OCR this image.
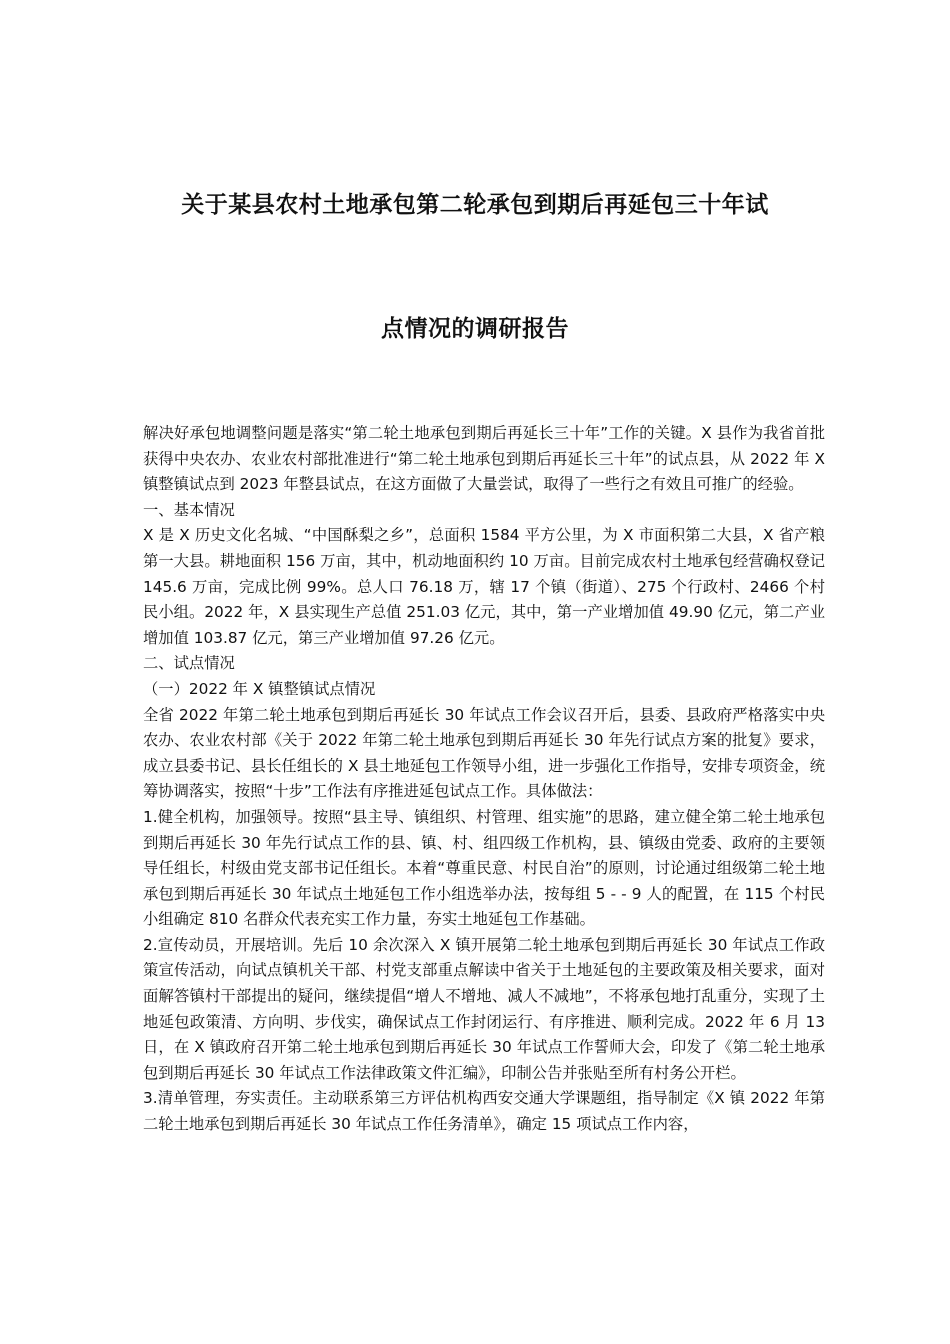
关于某县农村土地承包第二轮承包到期后再延包三十年试
点情况的调研报告

解决好承包地调整问题是落实“第二轮土地承包到期后再延长三十年”工作的关键。X 县作为我省首批获得中央农办、农业农村部批准进行“第二轮土地承包到期后再延长三十年”的试点县，从 2022 年 X 镇整镇试点到 2023 年整县试点，在这方面做了大量尝试，取得了一些行之有效且可推广的经验。

一、基本情况

X 是 X 历史文化名城、“中国酥梨之乡”，总面积 1584 平方公里，为 X 市面积第二大县，X 省产粮第一大县。耕地面积 156 万亩，其中，机动地面积约 10 万亩。目前完成农村土地承包经营确权登记 145.6 万亩，完成比例 99%。总人口 76.18 万，辖 17 个镇（街道）、275 个行政村、2466 个村民小组。2022 年，X 县实现生产总值 251.03 亿元，其中，第一产业增加值 49.90 亿元，第二产业增加值 103.87 亿元，第三产业增加值 97.26 亿元。

二、试点情况

（一）2022 年 X 镇整镇试点情况

全省 2022 年第二轮土地承包到期后再延长 30 年试点工作会议召开后，县委、县政府严格落实中央农办、农业农村部《关于 2022 年第二轮土地承包到期后再延长 30 年先行试点方案的批复》要求，成立县委书记、县长任组长的 X 县土地延包工作领导小组，进一步强化工作指导，安排专项资金，统筹协调落实，按照“十步”工作法有序推进延包试点工作。具体做法：

1.健全机构，加强领导。按照“县主导、镇组织、村管理、组实施”的思路，建立健全第二轮土地承包到期后再延长 30 年先行试点工作的县、镇、村、组四级工作机构，县、镇级由党委、政府的主要领导任组长，村级由党支部书记任组长。本着“尊重民意、村民自治”的原则，讨论通过组级第二轮土地承包到期后再延长 30 年试点土地延包工作小组选举办法，按每组 5 - - 9 人的配置，在 115 个村民小组确定 810 名群众代表充实工作力量，夯实土地延包工作基础。

2.宣传动员，开展培训。先后 10 余次深入 X 镇开展第二轮土地承包到期后再延长 30 年试点工作政策宣传活动，向试点镇机关干部、村党支部重点解读中省关于土地延包的主要政策及相关要求，面对面解答镇村干部提出的疑问，继续提倡“增人不增地、减人不减地”，不将承包地打乱重分，实现了土地延包政策清、方向明、步伐实，确保试点工作封闭运行、有序推进、顺利完成。2022 年 6 月 13 日，在 X 镇政府召开第二轮土地承包到期后再延长 30 年试点工作誓师大会，印发了《第二轮土地承包到期后再延长 30 年试点工作法律政策文件汇编》，印制公告并张贴至所有村务公开栏。

3.清单管理，夯实责任。主动联系第三方评估机构西安交通大学课题组，指导制定《X 镇 2022 年第二轮土地承包到期后再延长 30 年试点工作任务清单》，确定 15 项试点工作内容，
